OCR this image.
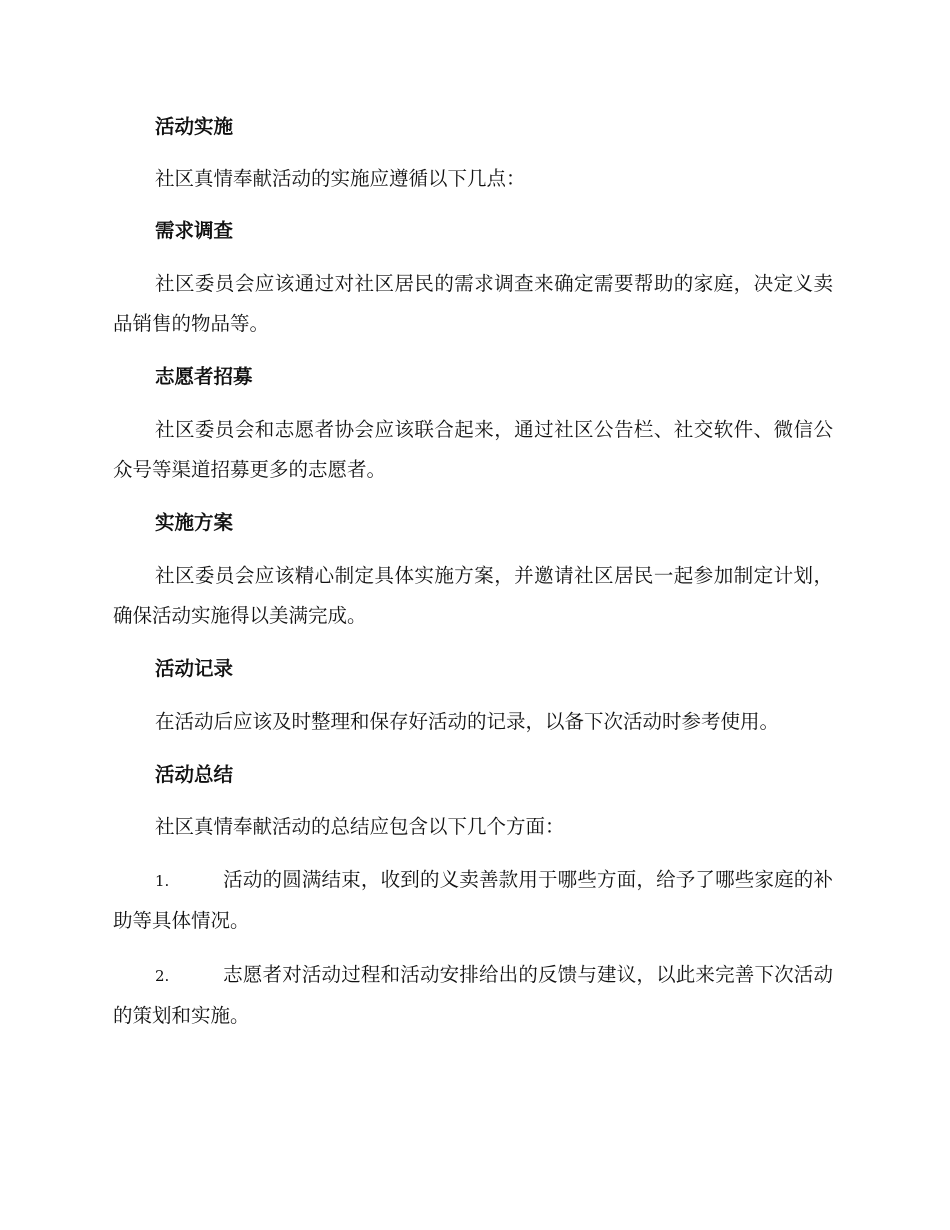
活动实施
社区真情奉献活动的实施应遵循以下几点：
需求调查
社区委员会应该通过对社区居民的需求调查来确定需要帮助的家庭，决定义卖品销售的物品等。
志愿者招募
社区委员会和志愿者协会应该联合起来，通过社区公告栏、社交软件、微信公众号等渠道招募更多的志愿者。
实施方案
社区委员会应该精心制定具体实施方案，并邀请社区居民一起参加制定计划，确保活动实施得以美满完成。
活动记录
在活动后应该及时整理和保存好活动的记录，以备下次活动时参考使用。
活动总结
社区真情奉献活动的总结应包含以下几个方面：
1.	活动的圆满结束，收到的义卖善款用于哪些方面，给予了哪些家庭的补助等具体情况。
2.	志愿者对活动过程和活动安排给出的反馈与建议，以此来完善下次活动的策划和实施。
